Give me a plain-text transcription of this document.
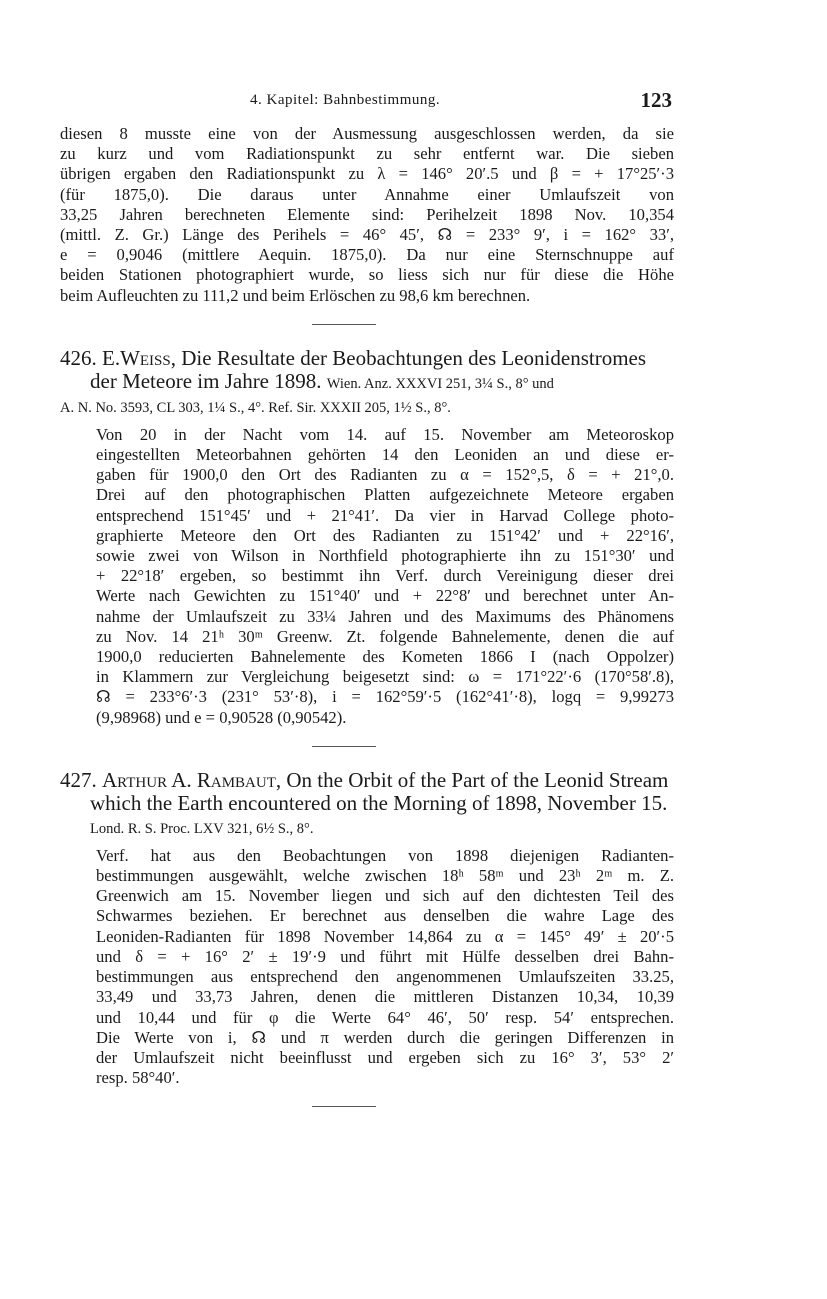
4. Kapitel: Bahnbestimmung.	123

diesen 8 musste eine von der Ausmessung ausgeschlossen werden, da sie
zu kurz und vom Radiationspunkt zu sehr entfernt war. Die sieben
übrigen ergaben den Radiationspunkt zu λ = 146° 20′.5 und β = + 17°25′·3
(für 1875,0). Die daraus unter Annahme einer Umlaufszeit von
33,25 Jahren berechneten Elemente sind: Perihelzeit 1898 Nov. 10,354
(mittl. Z. Gr.) Länge des Perihels = 46° 45′, ☊ = 233° 9′, i = 162° 33′,
e = 0,9046 (mittlere Aequin. 1875,0). Da nur eine Sternschnuppe auf
beiden Stationen photographiert wurde, so liess sich nur für diese die Höhe
beim Aufleuchten zu 111,2 und beim Erlöschen zu 98,6 km berechnen.

426. E.Weiss, Die Resultate der Beobachtungen des Leonidenstromes der Meteore im Jahre 1898. Wien. Anz. XXXVI 251, 3¼ S., 8° und
A. N. No. 3593, CL 303, 1¼ S., 4°. Ref. Sir. XXXII 205, 1½ S., 8°.

Von 20 in der Nacht vom 14. auf 15. November am Meteoroskop
eingestellten Meteorbahnen gehörten 14 den Leoniden an und diese er-
gaben für 1900,0 den Ort des Radianten zu α = 152°,5, δ = + 21°,0.
Drei auf den photographischen Platten aufgezeichnete Meteore ergaben
entsprechend 151°45′ und + 21°41′. Da vier in Harvad College photo-
graphierte Meteore den Ort des Radianten zu 151°42′ und + 22°16′,
sowie zwei von Wilson in Northfield photographierte ihn zu 151°30′ und
+ 22°18′ ergeben, so bestimmt ihn Verf. durch Vereinigung dieser drei
Werte nach Gewichten zu 151°40′ und + 22°8′ und berechnet unter An-
nahme der Umlaufszeit zu 33¼ Jahren und des Maximums des Phänomens
zu Nov. 14 21ʰ 30ᵐ Greenw. Zt. folgende Bahnelemente, denen die auf
1900,0 reducierten Bahnelemente des Kometen 1866 I (nach Oppolzer)
in Klammern zur Vergleichung beigesetzt sind: ω = 171°22′·6 (170°58′.8),
☊ = 233°6′·3 (231° 53′·8), i = 162°59′·5 (162°41′·8), logq = 9,99273
(9,98968) und e = 0,90528 (0,90542).

427. Arthur A. Rambaut, On the Orbit of the Part of the Leonid Stream which the Earth encountered on the Morning of 1898, November 15. Lond. R. S. Proc. LXV 321, 6½ S., 8°.

Verf. hat aus den Beobachtungen von 1898 diejenigen Radianten-
bestimmungen ausgewählt, welche zwischen 18ʰ 58ᵐ und 23ʰ 2ᵐ m. Z.
Greenwich am 15. November liegen und sich auf den dichtesten Teil des
Schwarmes beziehen. Er berechnet aus denselben die wahre Lage des
Leoniden-Radianten für 1898 November 14,864 zu α = 145° 49′ ± 20′·5
und δ = + 16° 2′ ± 19′·9 und führt mit Hülfe desselben drei Bahn-
bestimmungen aus entsprechend den angenommenen Umlaufszeiten 33.25,
33,49 und 33,73 Jahren, denen die mittleren Distanzen 10,34, 10,39
und 10,44 und für φ die Werte 64° 46′, 50′ resp. 54′ entsprechen.
Die Werte von i, ☊ und π werden durch die geringen Differenzen in
der Umlaufszeit nicht beeinflusst und ergeben sich zu 16° 3′, 53° 2′
resp. 58°40′.
